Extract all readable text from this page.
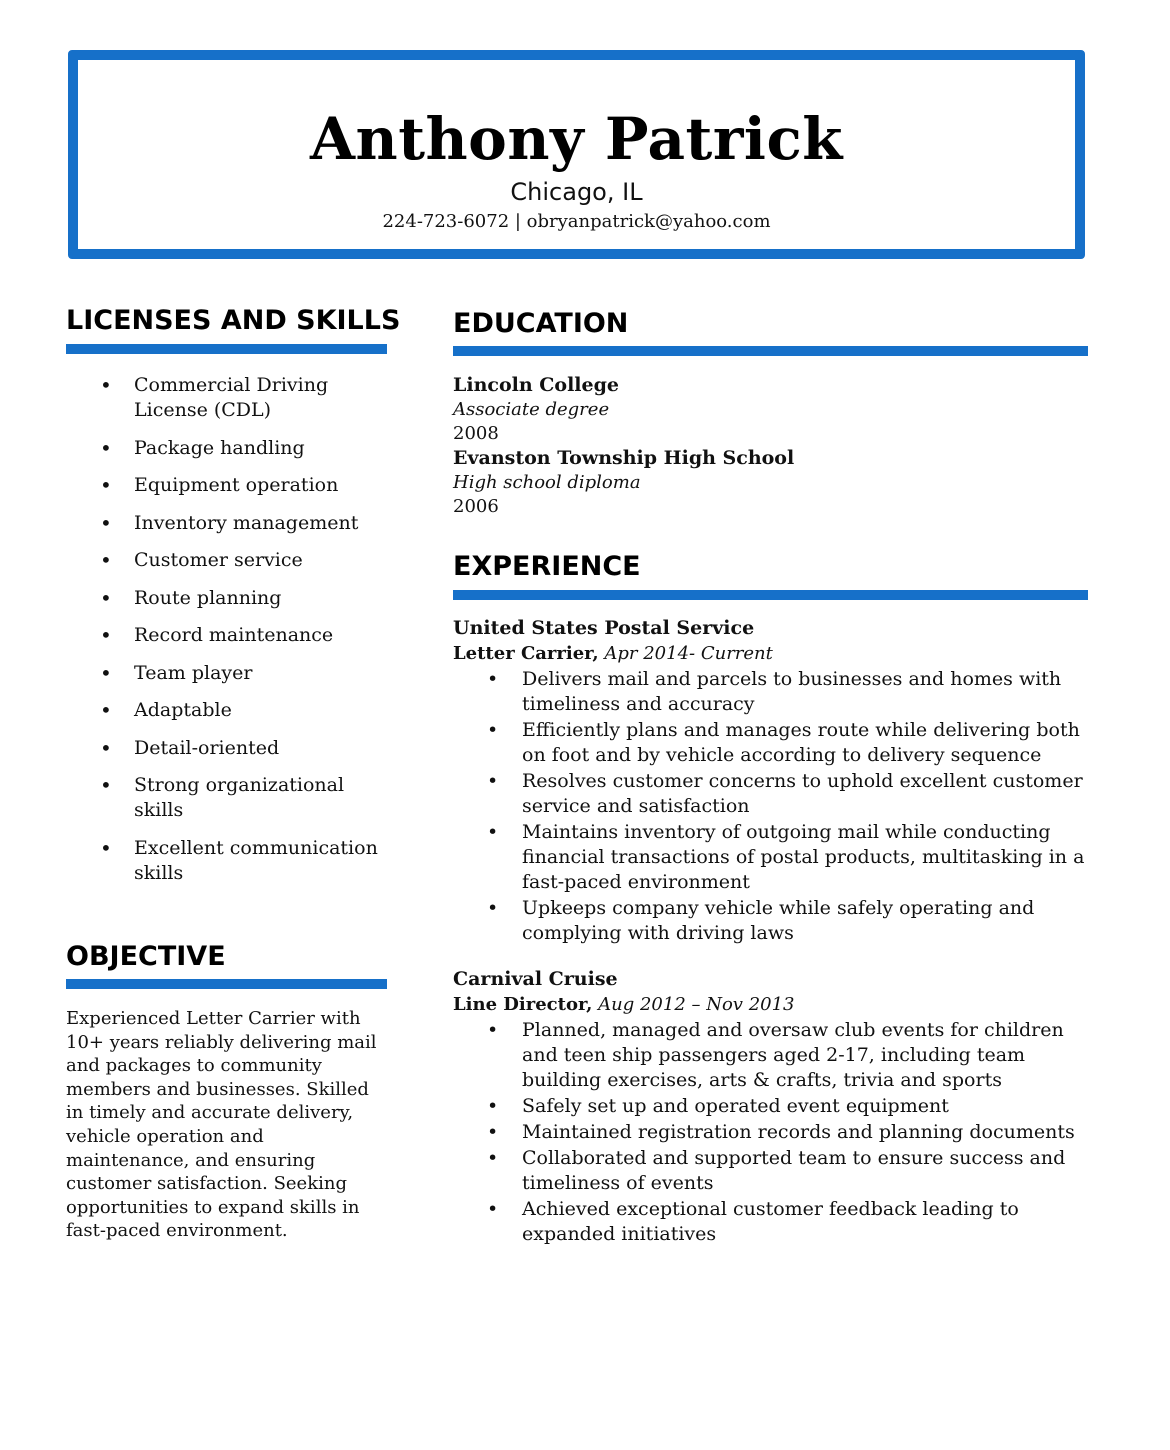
Anthony Patrick
Chicago, IL
224-723-6072 | obryanpatrick@yahoo.com
LICENSES AND SKILLS
• Commercial Driving License (CDL)
• Package handling
• Equipment operation
• Inventory management
• Customer service
• Route planning
• Record maintenance
• Team player
• Adaptable
• Detail-oriented
• Strong organizational skills
• Excellent communication skills
OBJECTIVE

Experienced Letter Carrier with 10+ years reliably delivering mail and packages to community members and businesses. Skilled in timely and accurate delivery, vehicle operation and maintenance, and ensuring customer satisfaction. Seeking opportunities to expand skills in fast-paced environment.

EDUCATION
Lincoln College
Associate degree
2008
Evanston Township High School
High school diploma
2006
EXPERIENCE
United States Postal Service
Letter Carrier, Apr 2014- Current
• Delivers mail and parcels to businesses and homes with timeliness and accuracy
• Efficiently plans and manages route while delivering both on foot and by vehicle according to delivery sequence
• Resolves customer concerns to uphold excellent customer service and satisfaction
• Maintains inventory of outgoing mail while conducting financial transactions of postal products, multitasking in a fast-paced environment
• Upkeeps company vehicle while safely operating and complying with driving laws
Carnival Cruise
Line Director, Aug 2012 – Nov 2013
• Planned, managed and oversaw club events for children and teen ship passengers aged 2-17, including team building exercises, arts & crafts, trivia and sports
• Safely set up and operated event equipment
• Maintained registration records and planning documents
• Collaborated and supported team to ensure success and timeliness of events
• Achieved exceptional customer feedback leading to expanded initiatives
